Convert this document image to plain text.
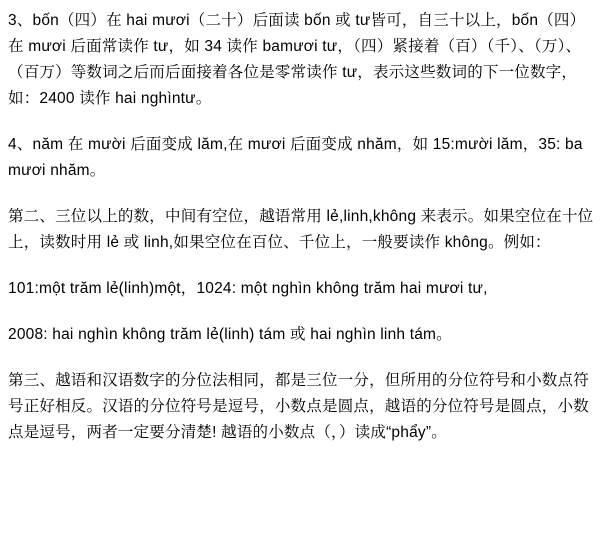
3、bốn（四）在 hai mươi（二十）后面读 bốn 或 tư皆可，自三十以上，bốn（四）在 mươi 后面常读作 tư，如 34 读作 bamươi tư，（四）紧接着（百）（千）、（万）、（百万）等数词之后而后面接着各位是零常读作 tư，表示这些数词的下一位数字，如：2400 读作 hai nghìntư。

4、năm 在 mười 后面变成 lăm,在 mươi 后面变成 nhăm，如 15:mười lăm，35: ba mươi nhăm。

第二、三位以上的数，中间有空位，越语常用 lẻ,linh,không 来表示。如果空位在十位上，读数时用 lẻ 或 linh,如果空位在百位、千位上，一般要读作 không。例如：

101:một trăm lẻ(linh)một，1024: một nghìn không trăm hai mươi tư,

2008: hai nghìn không trăm lẻ(linh) tám 或 hai nghìn linh tám。

第三、越语和汉语数字的分位法相同，都是三位一分，但所用的分位符号和小数点符号正好相反。汉语的分位符号是逗号，小数点是圆点，越语的分位符号是圆点，小数点是逗号，两者一定要分清楚! 越语的小数点（，）读成“phẩy”。
